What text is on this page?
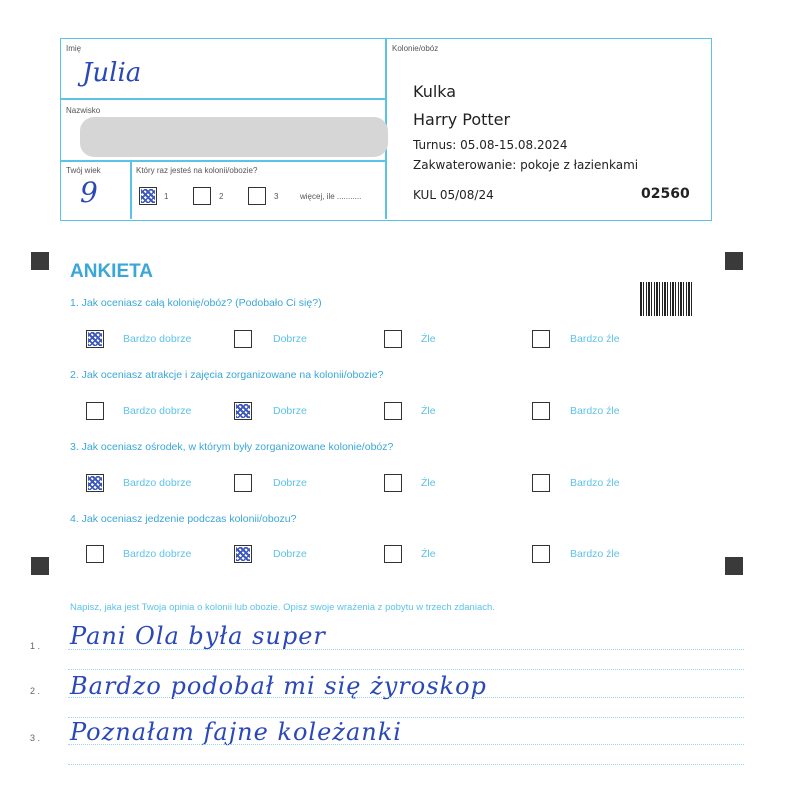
Imię
Julia
Nazwisko
Twój wiek
9
Który raz jesteś na kolonii/obozie?
1	2	3	więcej, ile ...........
Kolonie/obóz
Kulka
Harry Potter
Turnus: 05.08-15.08.2024
Zakwaterowanie: pokoje z łazienkami
KUL 05/08/24	02560
ANKIETA
1. Jak oceniasz całą kolonię/obóz? (Podobało Ci się?)
Bardzo dobrze	Dobrze	Źle	Bardzo źle
2. Jak oceniasz atrakcje i zajęcia zorganizowane na kolonii/obozie?
Bardzo dobrze	Dobrze	Źle	Bardzo źle
3. Jak oceniasz ośrodek, w którym były zorganizowane kolonie/obóz?
Bardzo dobrze	Dobrze	Źle	Bardzo źle
4. Jak oceniasz jedzenie podczas kolonii/obozu?
Bardzo dobrze	Dobrze	Źle	Bardzo źle
Napisz, jaka jest Twoja opinia o kolonii lub obozie. Opisz swoje wrażenia z pobytu w trzech zdaniach.
1 . Pani Ola była super
2 . Bardzo podobał mi się żyroskop
3 . Poznałam fajne koleżanki
